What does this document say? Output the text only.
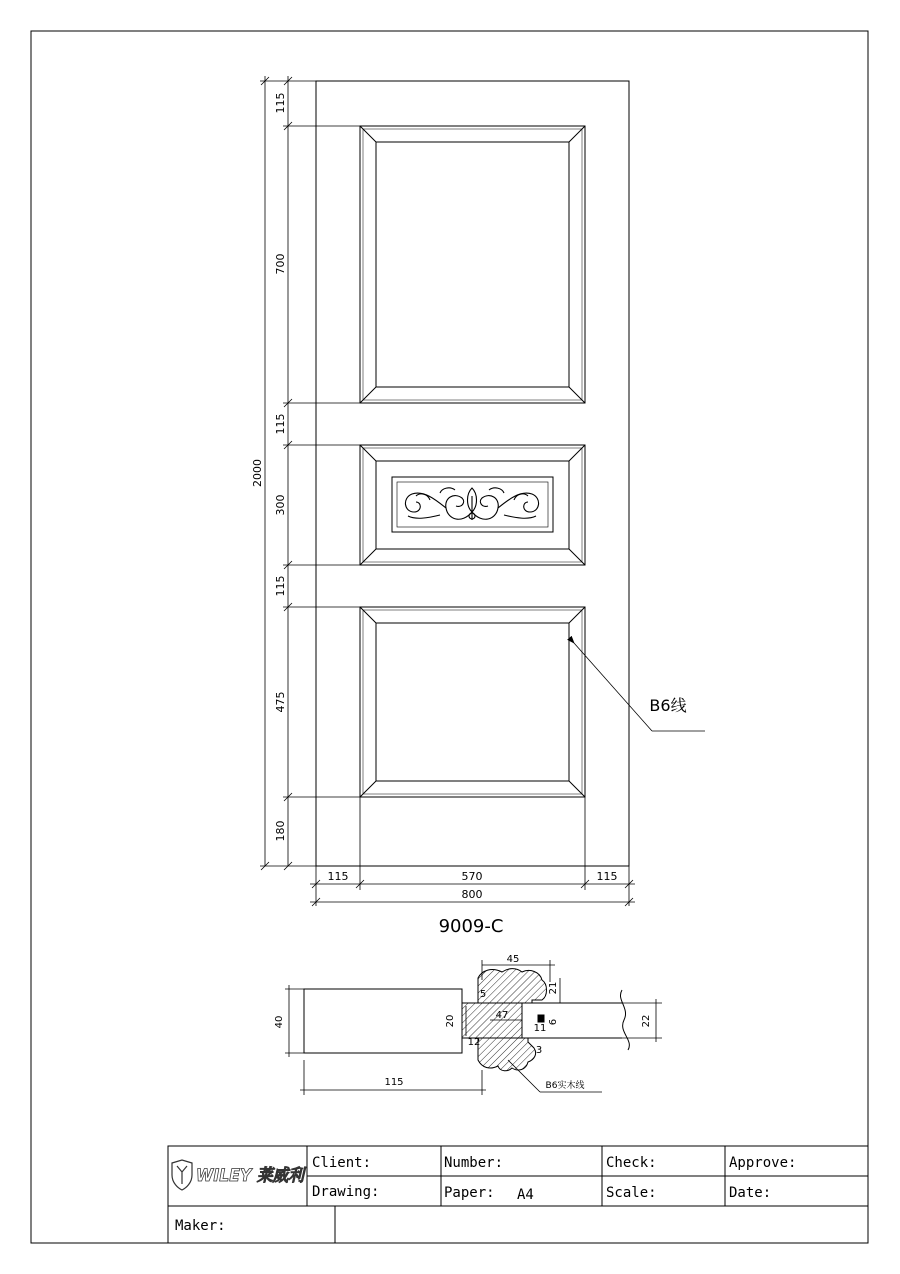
115
700
115
300
115
475
180
2000
115	570	115
800
B6线
9009-C
45
21
5
47
20	6
11
12
3
22
40
115	B6实木线
WILEY 莱威利
Client:	Number:	Check:	Approve:
Drawing:	Paper: A4	Scale:	Date:
Maker:
